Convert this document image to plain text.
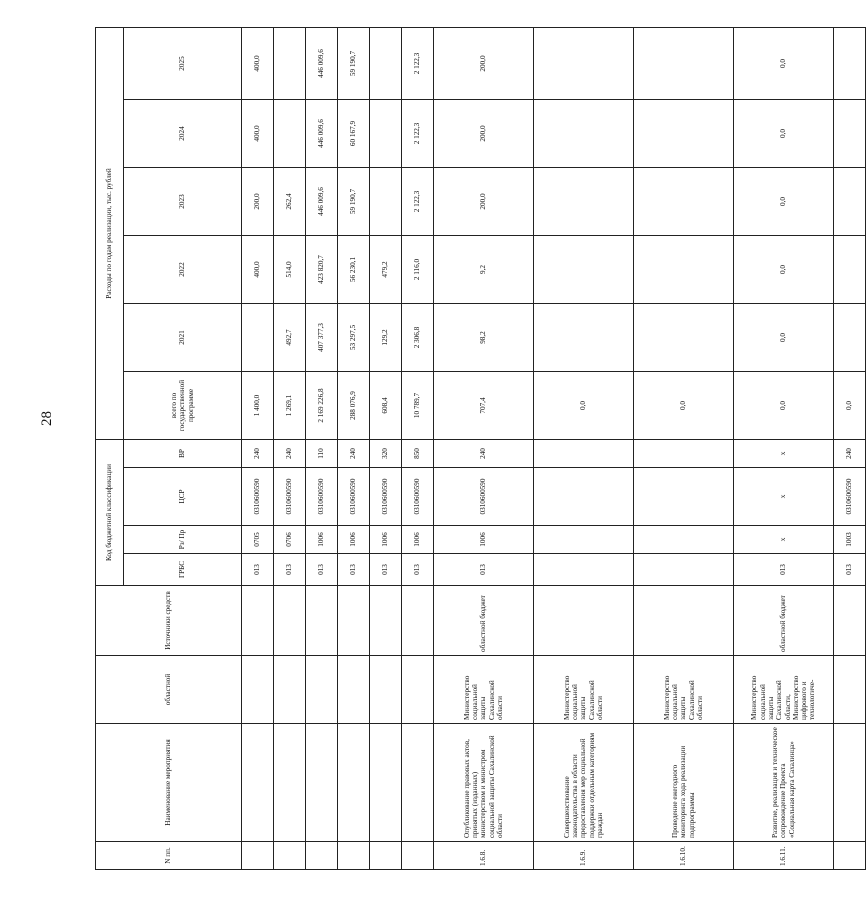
28
N пп.	Наименование мероприятия	областной	Источники средств	Код бюджетной классификации				Расходы по годам реализации, тыс. рублей					
				ГРБС	Рз/ Пр	ЦСР	ВР	всего по государственной программе	2021	2022	2023	2024	2025

				013	0705	0310600590	240	1 400,0		400,0	200,0	400,0	400,0
				013	0706	0310600590	240	1 269,1	492,7	514,0	262,4		
				013	1006	0310600590	110	2 169 226,8	407 377,3	423 820,7	446 009,6	446 009,6	446 009,6
				013	1006	0310600590	240	288 076,9	53 297,5	56 230,1	59 190,7	60 167,9	59 190,7
				013	1006	0310600590	320	608,4	129,2	479,2			
				013	1006	0310600590	850	10 789,7	2 306,8	2 116,0	2 122,3	2 122,3	2 122,3
1.6.8.	Опубликование правовых актов, принятых (изданных) министерством и министром социальной защиты Сахалинской области	Министерство социальной защиты Сахалинской области	областной бюджет	013	1006	0310600590	240	707,4	98,2	9,2	200,0	200,0	200,0
1.6.9.	Совершенствование законодательства в области предоставления мер социальной поддержки отдельным категориям граждан	Министерство социальной защиты Сахалинской области						0,0					
1.6.10.	Проведение ежегодного мониторинга хода реализации подпрограммы	Министерство социальной защиты Сахалинской области						0,0					
1.6.11.	Развитие, реализация и техническое сопровождение Проекта «Социальная карта Сахалинца»	Министерство социальной защиты Сахалинской области, Министерство цифрового и технологиче-	областной бюджет	013	x	x	x	0,0	0,0	0,0	0,0	0,0	0,0
				013	1003	0310600590	240	0,0					
